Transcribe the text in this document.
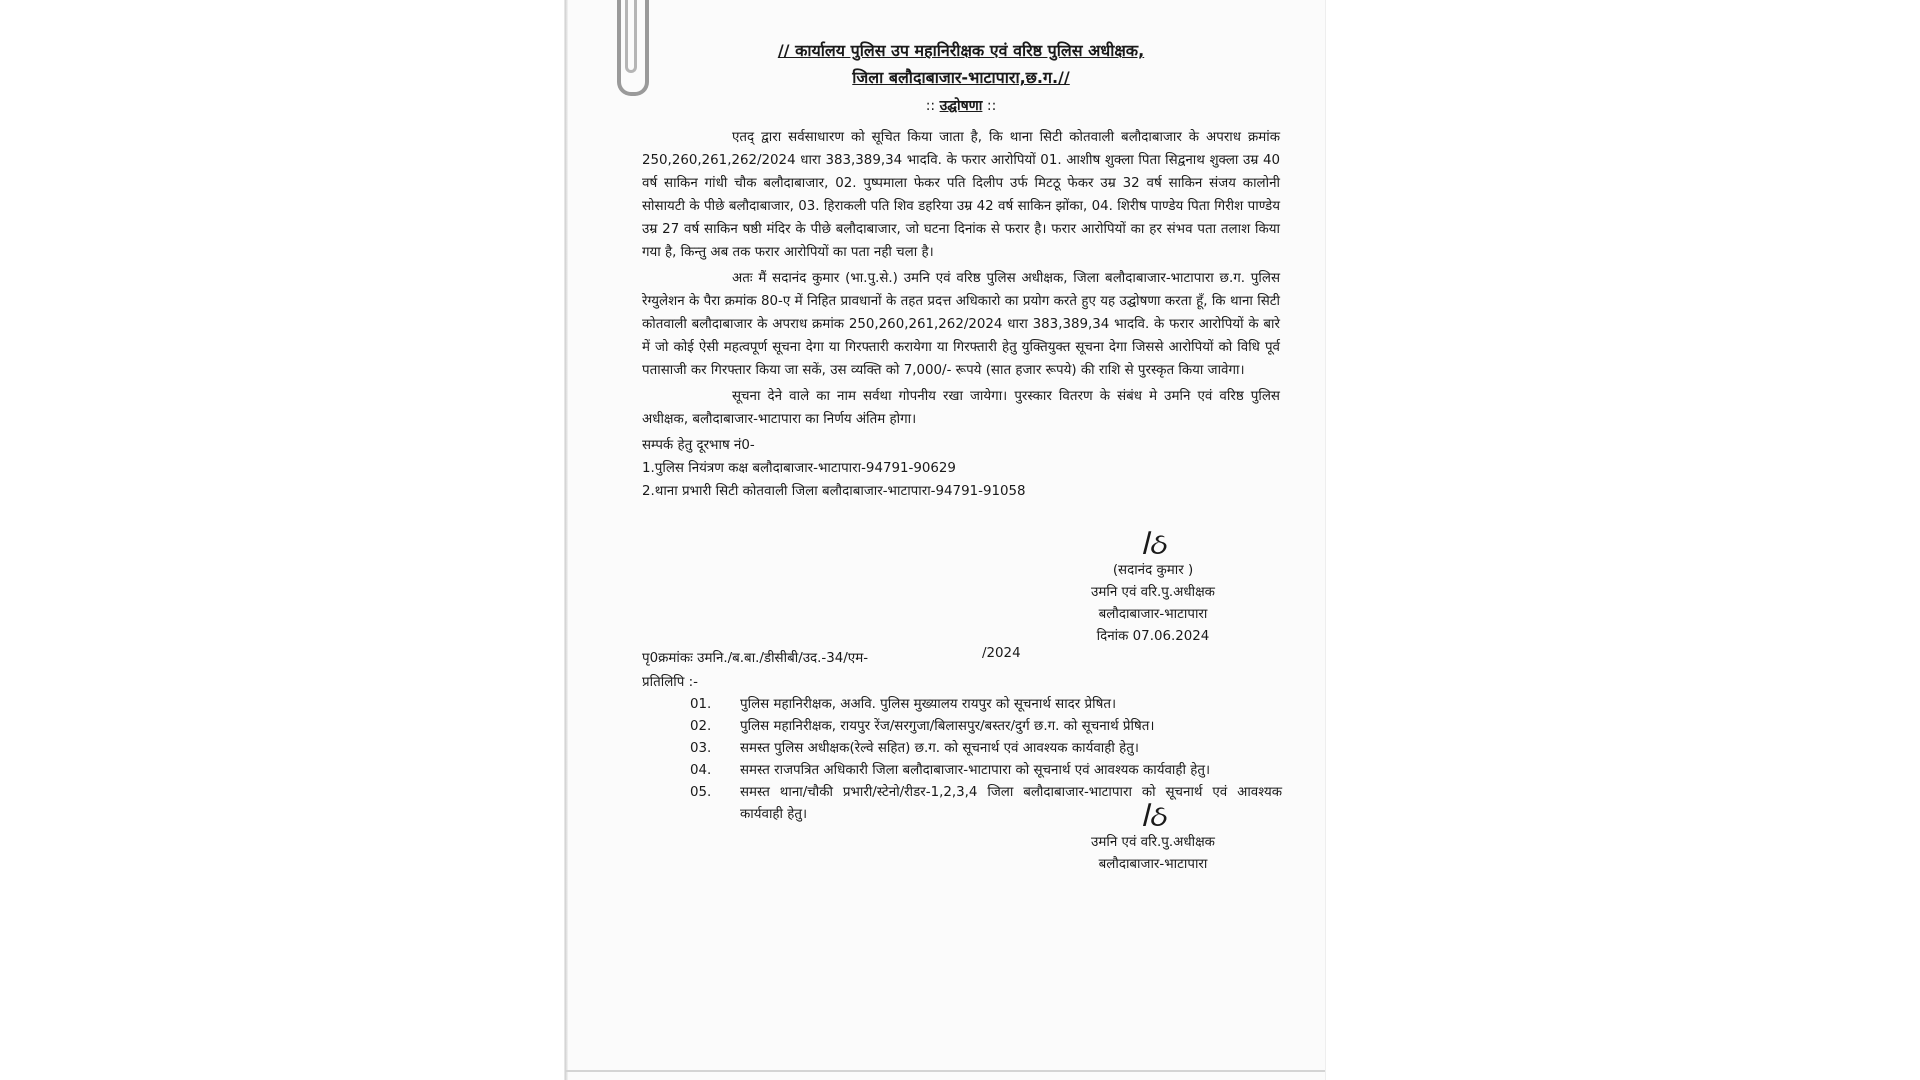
// कार्यालय पुलिस उप महानिरीक्षक एवं वरिष्ठ पुलिस अधीक्षक,
जिला बलौदाबाजार-भाटापारा,छ.ग.//
:: उद्घोषणा ::

एतद् द्वारा सर्वसाधारण को सूचित किया जाता है, कि थाना सिटी कोतवाली बलौदाबाजार के अपराध क्रमांक 250,260,261,262/2024 धारा 383,389,34 भादवि. के फरार आरोपियों 01. आशीष शुक्ला पिता सिद्वनाथ शुक्ला उम्र 40 वर्ष साकिन गांधी चौक बलौदाबाजार, 02. पुष्पमाला फेकर पति दिलीप उर्फ मिटठू फेकर उम्र 32 वर्ष साकिन संजय कालोनी सोसायटी के पीछे बलौदाबाजार, 03. हिराकली पति शिव डहरिया उम्र 42 वर्ष साकिन झोंका, 04. शिरीष पाण्डेय पिता गिरीश पाण्डेय उम्र 27 वर्ष साकिन षष्ठी मंदिर के पीछे बलौदाबाजार, जो घटना दिनांक से फरार है। फरार आरोपियों का हर संभव पता तलाश किया गया है, किन्तु अब तक फरार आरोपियों का पता नही चला है।

अतः मैं सदानंद कुमार (भा.पु.से.) उमनि एवं वरिष्ठ पुलिस अधीक्षक, जिला बलौदाबाजार-भाटापारा छ.ग. पुलिस रेग्युलेशन के पैरा क्रमांक 80-ए में निहित प्रावधानों के तहत प्रदत्त अधिकारो का प्रयोग करते हुए यह उद्घोषणा करता हूँ, कि थाना सिटी कोतवाली बलौदाबाजार के अपराध क्रमांक 250,260,261,262/2024 धारा 383,389,34 भादवि. के फरार आरोपियों के बारे में जो कोई ऐसी महत्वपूर्ण सूचना देगा या गिरफ्तारी करायेगा या गिरफ्तारी हेतु युक्तियुक्त सूचना देगा जिससे आरोपियों को विधि पूर्व पतासाजी कर गिरफ्तार किया जा सकें, उस व्यक्ति को 7,000/- रूपये (सात हजार रूपये) की राशि से पुरस्कृत किया जावेगा।

सूचना देने वाले का नाम सर्वथा गोपनीय रखा जायेगा। पुरस्कार वितरण के संबंध मे उमनि एवं वरिष्ठ पुलिस अधीक्षक, बलौदाबाजार-भाटापारा का निर्णय अंतिम होगा।

सम्पर्क हेतु दूरभाष नं0-
1.पुलिस नियंत्रण कक्ष बलौदाबाजार-भाटापारा-94791-90629
2.थाना प्रभारी सिटी कोतवाली जिला बलौदाबाजार-भाटापारा-94791-91058
ا​ઠ​
(सदानंद कुमार )
उमनि एवं वरि.पु.अधीक्षक
बलौदाबाजार-भाटापारा
दिनांक 07.06.2024
पृ0क्रमांकः उमनि./ब.बा./डीसीबी/उद.-34/एम-
प्रतिलिपि :-
01.	पुलिस महानिरीक्षक, अअवि. पुलिस मुख्यालय रायपुर को सूचनार्थ सादर प्रेषित।
02.	पुलिस महानिरीक्षक, रायपुर रेंज/सरगुजा/बिलासपुर/बस्तर/दुर्ग छ.ग. को सूचनार्थ प्रेषित।
03.	समस्त पुलिस अधीक्षक(रेल्वे सहित) छ.ग. को सूचनार्थ एवं आवश्यक कार्यवाही हेतु।
04.	समस्त राजपत्रित अधिकारी जिला बलौदाबाजार-भाटापारा को सूचनार्थ एवं आवश्यक कार्यवाही हेतु।
05.	समस्त थाना/चौकी प्रभारी/स्टेनो/रीडर-1,2,3,4 जिला बलौदाबाजार-भाटापारा को सूचनार्थ एवं आवश्यक कार्यवाही हेतु।	ا​ઠ​
उमनि एवं वरि.पु.अधीक्षक
बलौदाबाजार-भाटापारा
/2024
